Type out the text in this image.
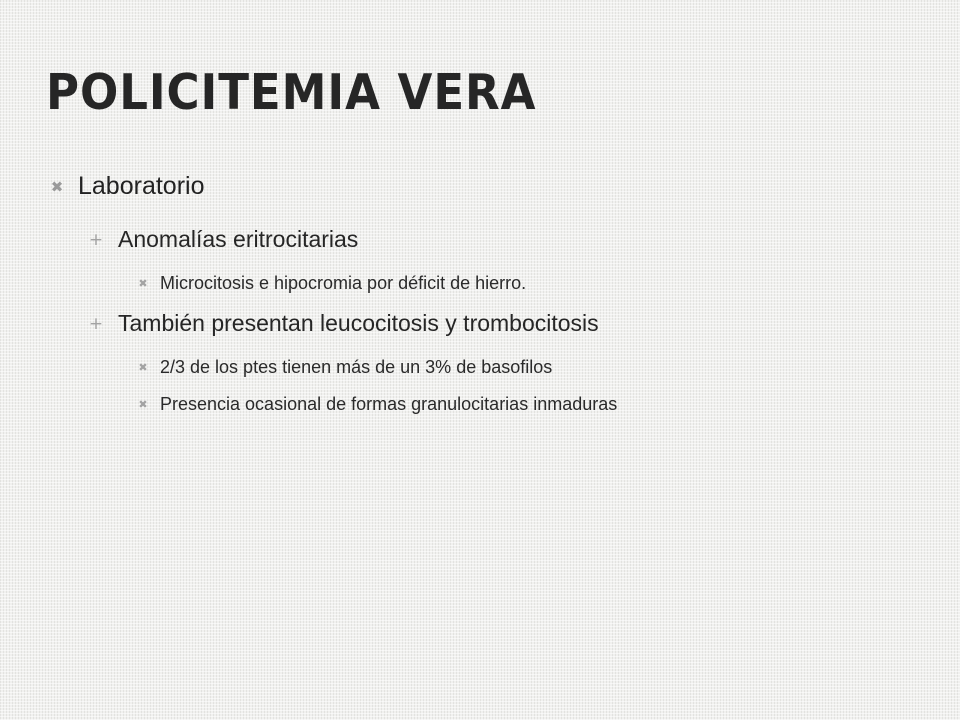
POLICITEMIA VERA
✖ Laboratorio
+ Anomalías eritrocitarias
✖ Microcitosis e hipocromia por déficit de hierro.
+ También presentan leucocitosis y trombocitosis
✖ 2/3 de los ptes tienen más de un 3% de basofilos
✖ Presencia ocasional de formas granulocitarias inmaduras
